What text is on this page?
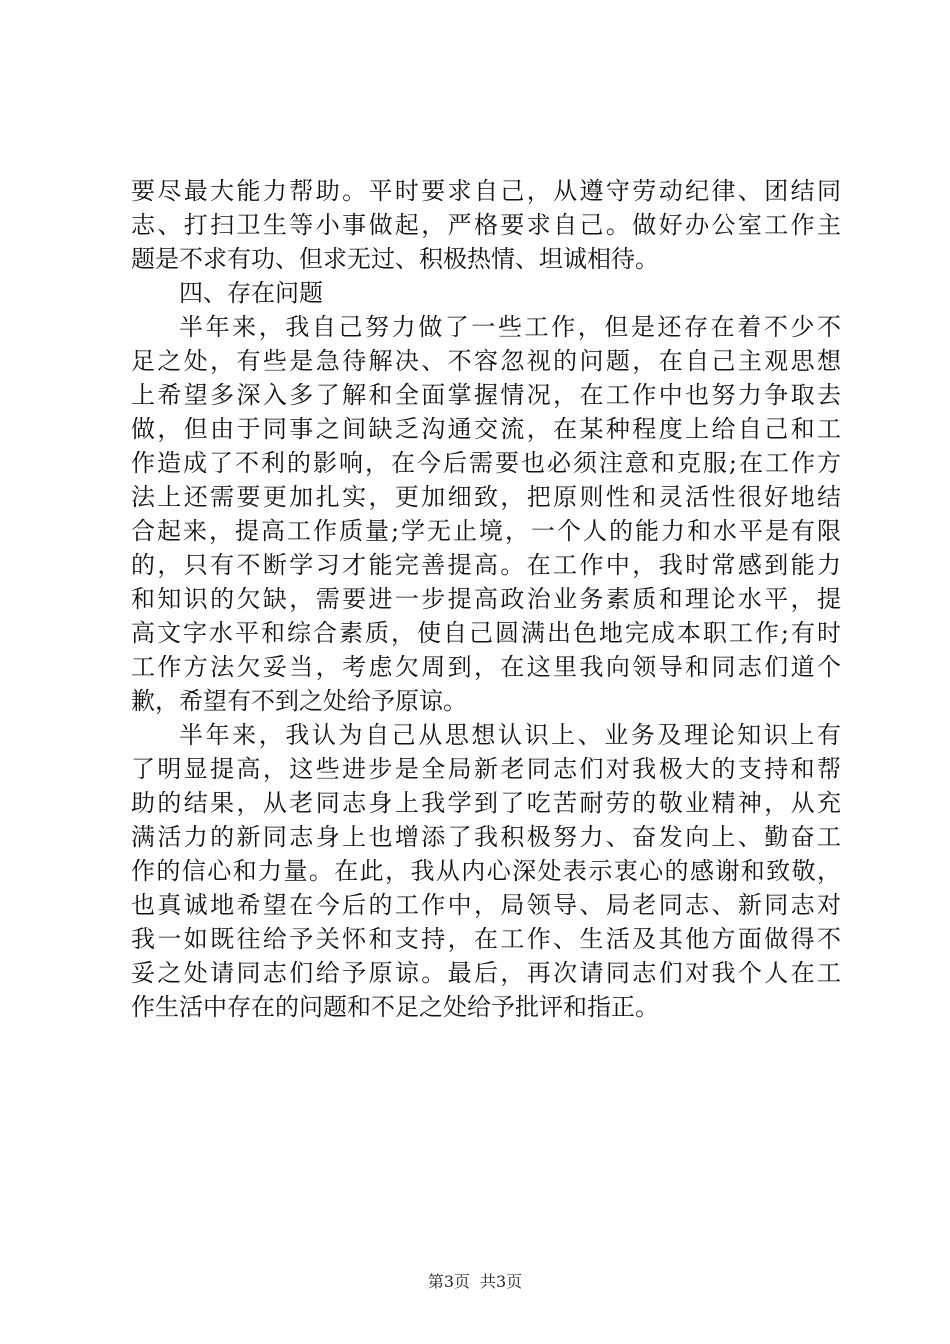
要尽最大能力帮助。平时要求自己，从遵守劳动纪律、团结同
志、打扫卫生等小事做起，严格要求自己。做好办公室工作主
题是不求有功、但求无过、积极热情、坦诚相待。
四、存在问题
半年来，我自己努力做了一些工作，但是还存在着不少不
足之处，有些是急待解决、不容忽视的问题，在自己主观思想
上希望多深入多了解和全面掌握情况，在工作中也努力争取去
做，但由于同事之间缺乏沟通交流，在某种程度上给自己和工
作造成了不利的影响，在今后需要也必须注意和克服;在工作方
法上还需要更加扎实，更加细致，把原则性和灵活性很好地结
合起来，提高工作质量;学无止境，一个人的能力和水平是有限
的，只有不断学习才能完善提高。在工作中，我时常感到能力
和知识的欠缺，需要进一步提高政治业务素质和理论水平，提
高文字水平和综合素质，使自己圆满出色地完成本职工作;有时
工作方法欠妥当，考虑欠周到，在这里我向领导和同志们道个
歉，希望有不到之处给予原谅。
半年来，我认为自己从思想认识上、业务及理论知识上有
了明显提高，这些进步是全局新老同志们对我极大的支持和帮
助的结果，从老同志身上我学到了吃苦耐劳的敬业精神，从充
满活力的新同志身上也增添了我积极努力、奋发向上、勤奋工
作的信心和力量。在此，我从内心深处表示衷心的感谢和致敬，
也真诚地希望在今后的工作中，局领导、局老同志、新同志对
我一如既往给予关怀和支持，在工作、生活及其他方面做得不
妥之处请同志们给予原谅。最后，再次请同志们对我个人在工
作生活中存在的问题和不足之处给予批评和指正。
第3页 共3页
